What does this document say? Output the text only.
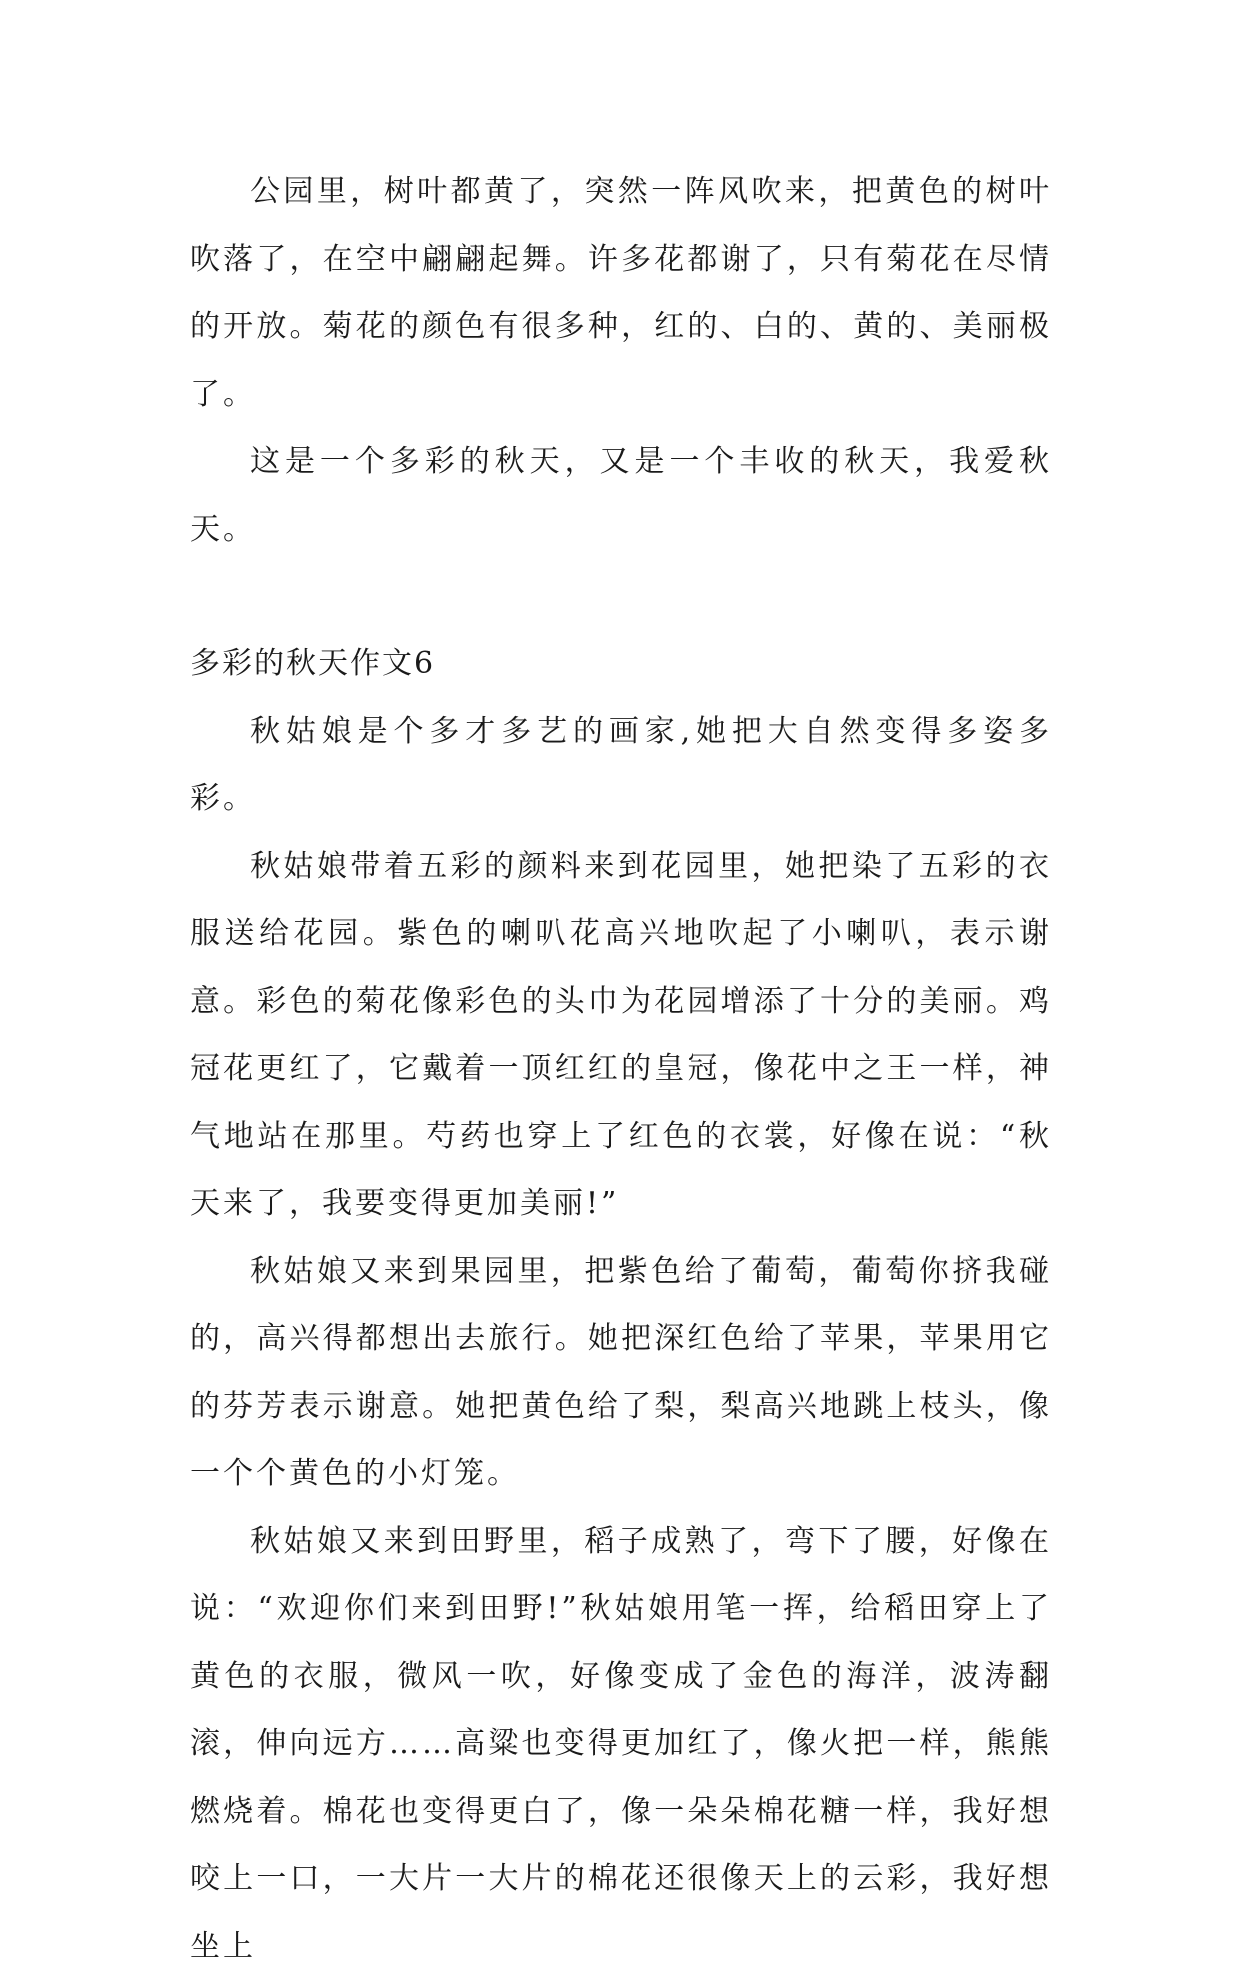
公园里，树叶都黄了，突然一阵风吹来，把黄色的树叶吹落了，在空中翩翩起舞。许多花都谢了，只有菊花在尽情的开放。菊花的颜色有很多种，红的、白的、黄的、美丽极了。

这是一个多彩的秋天，又是一个丰收的秋天，我爱秋天。

多彩的秋天作文6

秋姑娘是个多才多艺的画家,她把大自然变得多姿多彩。

秋姑娘带着五彩的颜料来到花园里，她把染了五彩的衣服送给花园。紫色的喇叭花高兴地吹起了小喇叭，表示谢意。彩色的菊花像彩色的头巾为花园增添了十分的美丽。鸡冠花更红了，它戴着一顶红红的皇冠，像花中之王一样，神气地站在那里。芍药也穿上了红色的衣裳，好像在说：“秋天来了，我要变得更加美丽!”

秋姑娘又来到果园里，把紫色给了葡萄，葡萄你挤我碰的，高兴得都想出去旅行。她把深红色给了苹果，苹果用它的芬芳表示谢意。她把黄色给了梨，梨高兴地跳上枝头，像一个个黄色的小灯笼。

秋姑娘又来到田野里，稻子成熟了，弯下了腰，好像在说：“欢迎你们来到田野!”秋姑娘用笔一挥，给稻田穿上了黄色的衣服，微风一吹，好像变成了金色的海洋，波涛翻滚，伸向远方……高粱也变得更加红了，像火把一样，熊熊燃烧着。棉花也变得更白了，像一朵朵棉花糖一样，我好想咬上一口，一大片一大片的棉花还很像天上的云彩，我好想坐上
